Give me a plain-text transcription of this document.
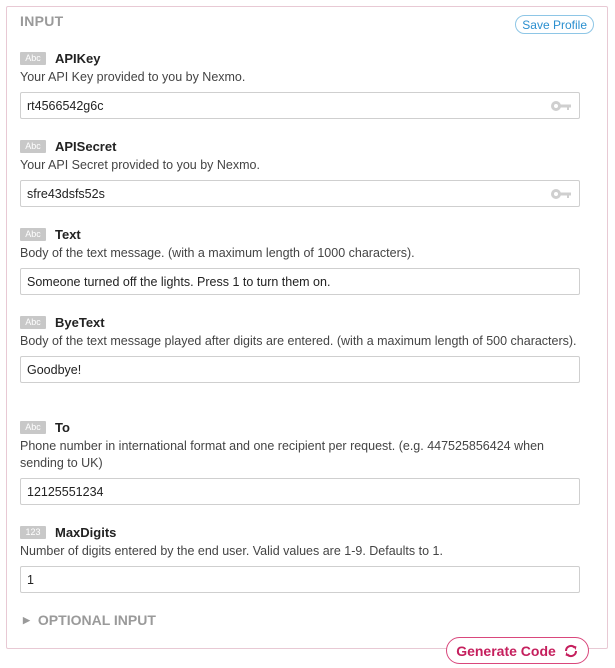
INPUT	Save Profile
Abc	APIKey
Your API Key provided to you by Nexmo.
rt4566542g6c
Abc	APISecret
Your API Secret provided to you by Nexmo.
sfre43dsfs52s
Abc	Text
Body of the text message. (with a maximum length of 1000 characters).
Someone turned off the lights. Press 1 to turn them on.
Abc	ByeText
Body of the text message played after digits are entered. (with a maximum length of 500 characters).
Goodbye!
Abc	To
Phone number in international format and one recipient per request. (e.g. 447525856424 when sending to UK)
12125551234
123	MaxDigits
Number of digits entered by the end user. Valid values are 1-9. Defaults to 1.
1
▶ OPTIONAL INPUT
Generate Code
